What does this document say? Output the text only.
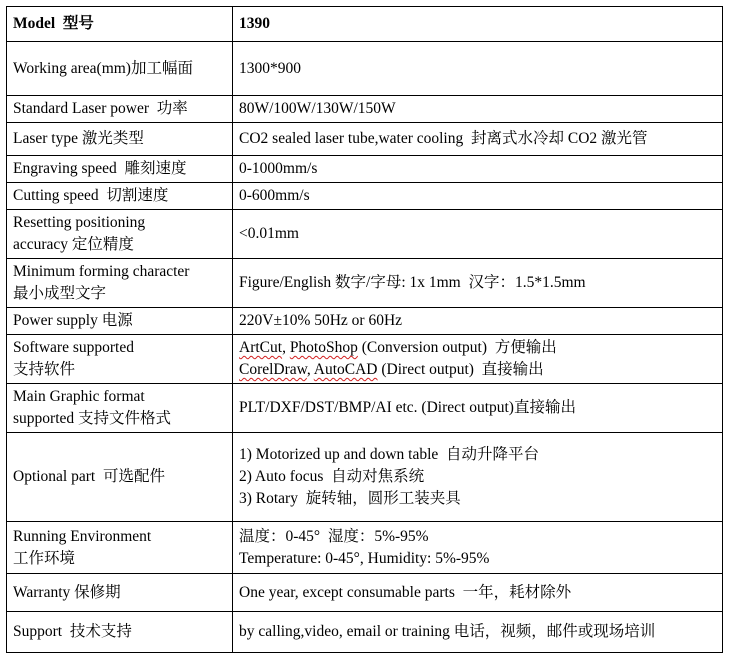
Model  型号	1390

Working area(mm)加工幅面	1300*900

Standard Laser power  功率	80W/100W/130W/150W

Laser type 激光类型	CO2 sealed laser tube,water cooling  封离式水冷却 CO2 激光管

Engraving speed  雕刻速度	0-1000mm/s

Cutting speed  切割速度	0-600mm/s

Resetting positioning
accuracy 定位精度	<0.01mm

Minimum forming character
最小成型文字	Figure/English 数字/字母: 1x 1mm  汉字：1.5*1.5mm

Power supply 电源	220V±10% 50Hz or 60Hz

Software supported
支持软件	ArtCut, PhotoShop (Conversion output)  方便输出
CorelDraw, AutoCAD (Direct output)  直接输出

Main Graphic format
supported 支持文件格式	PLT/DXF/DST/BMP/AI etc. (Direct output)直接输出

Optional part  可选配件	1) Motorized up and down table  自动升降平台
2) Auto focus  自动对焦系统
3) Rotary  旋转轴，圆形工装夹具

Running Environment
工作环境	温度：0-45°  湿度：5%-95%
Temperature: 0-45°, Humidity: 5%-95%

Warranty 保修期	One year, except consumable parts  一年，耗材除外

Support  技术支持	by calling,video, email or training 电话，视频，邮件或现场培训
